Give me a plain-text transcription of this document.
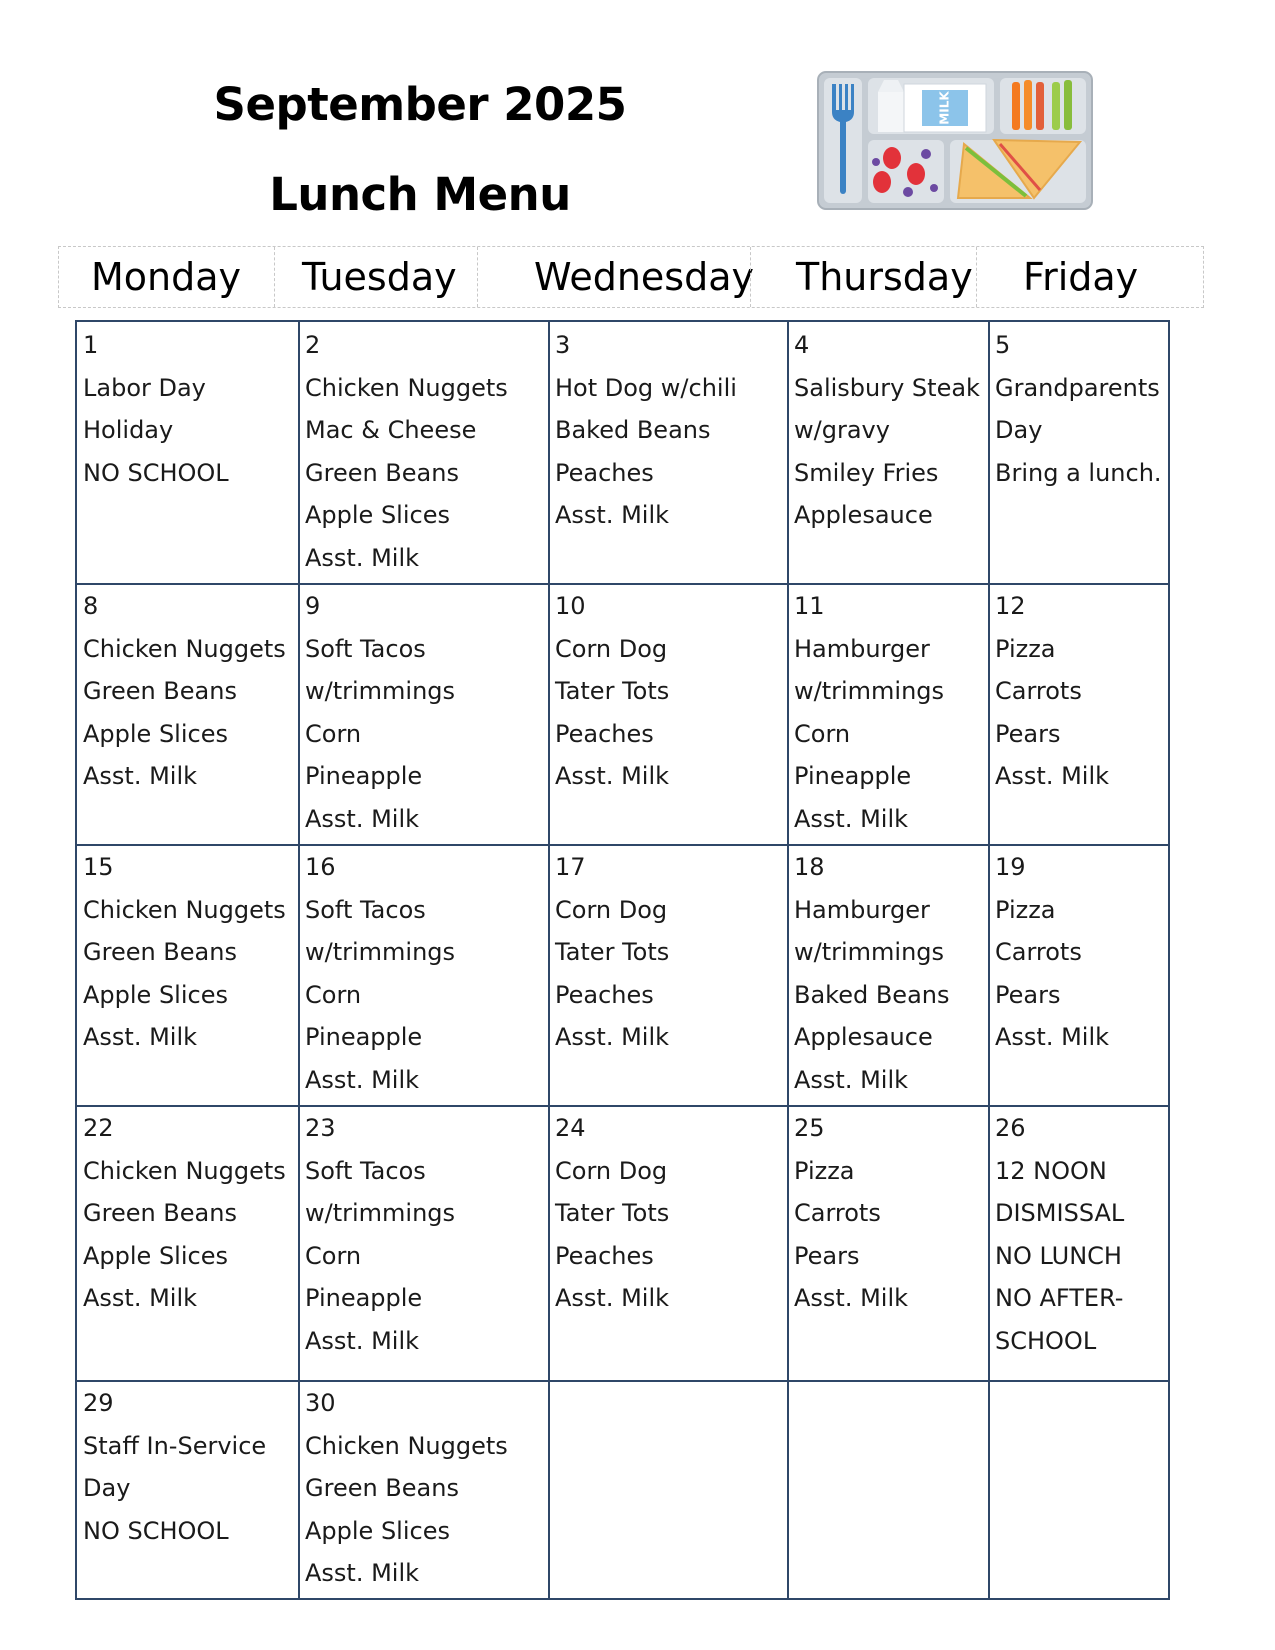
September 2025
Lunch Menu
MILK
Monday Tuesday Wednesday Thursday Friday
1
Labor Day
Holiday
NO SCHOOL
2
Chicken Nuggets
Mac & Cheese
Green Beans
Apple Slices
Asst. Milk
3
Hot Dog w/chili
Baked Beans
Peaches
Asst. Milk
4
Salisbury Steak
w/gravy
Smiley Fries
Applesauce
5
Grandparents
Day
Bring a lunch.
8
Chicken Nuggets
Green Beans
Apple Slices
Asst. Milk
9
Soft Tacos
w/trimmings
Corn
Pineapple
Asst. Milk
10
Corn Dog
Tater Tots
Peaches
Asst. Milk
11
Hamburger
w/trimmings
Corn
Pineapple
Asst. Milk
12
Pizza
Carrots
Pears
Asst. Milk
15
Chicken Nuggets
Green Beans
Apple Slices
Asst. Milk
16
Soft Tacos
w/trimmings
Corn
Pineapple
Asst. Milk
17
Corn Dog
Tater Tots
Peaches
Asst. Milk
18
Hamburger
w/trimmings
Baked Beans
Applesauce
Asst. Milk
19
Pizza
Carrots
Pears
Asst. Milk
22
Chicken Nuggets
Green Beans
Apple Slices
Asst. Milk
23
Soft Tacos
w/trimmings
Corn
Pineapple
Asst. Milk
24
Corn Dog
Tater Tots
Peaches
Asst. Milk
25
Pizza
Carrots
Pears
Asst. Milk
26
12 NOON
DISMISSAL
NO LUNCH
NO AFTER-
SCHOOL
29
Staff In-Service
Day
NO SCHOOL
30
Chicken Nuggets
Green Beans
Apple Slices
Asst. Milk
